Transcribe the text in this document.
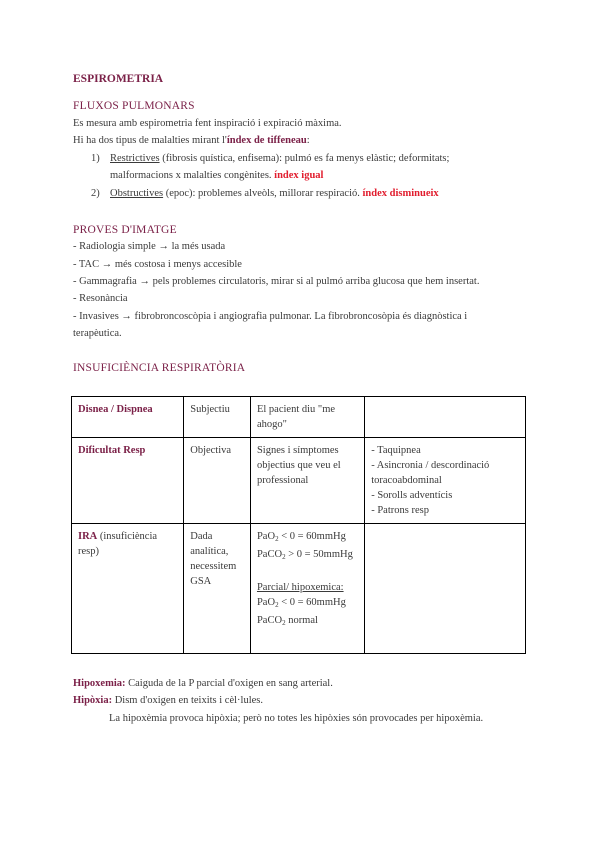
ESPIROMETRIA
FLUXOS PULMONARS
Es mesura amb espirometria fent inspiració i expiració màxima.
Hi ha dos tipus de malalties mirant l'índex de tiffeneau:
1) Restrictives (fibrosis quística, enfisema): pulmó es fa menys elàstic; deformitats;
malformacions x malalties congènites. índex igual
2) Obstructives (epoc): problemes alveòls, millorar respiració. índex disminueix
PROVES D'IMATGE
- Radiologia simple → la més usada
- TAC → més costosa i menys accesible
- Gammagrafia → pels problemes circulatoris, mirar si al pulmó arriba glucosa que hem insertat.
- Resonància
- Invasives → fibrobroncoscòpia i angiografia pulmonar. La fibrobroncosòpia és diagnòstica i
terapèutica.
INSUFICIÈNCIA RESPIRATÒRIA
Disnea / Dispnea	Subjectiu	El pacient diu "me ahogo"	
Dificultat Resp	Objectiva	Signes i símptomes objectius que veu el professional	- Taquipnea
- Asincronia / descordinació toracoabdominal
- Sorolls adventícis
- Patrons resp

IRA (insuficiència resp)	Dada analítica, necessitem GSA	PaO$_2$ < 0 = 60mmHg
PaCO$_2$ > 0 = 50mmHg
Parcial/ hipoxemica:
PaO$_2$ < 0 = 60mmHg
PaCO$_2$ normal	

Hipoxemia: Caiguda de la P parcial d'oxigen en sang arterial.
Hipòxia: Dism d'oxigen en teixits i cèl·lules.
La hipoxèmia provoca hipòxia; però no totes les hipòxies són provocades per hipoxèmia.
